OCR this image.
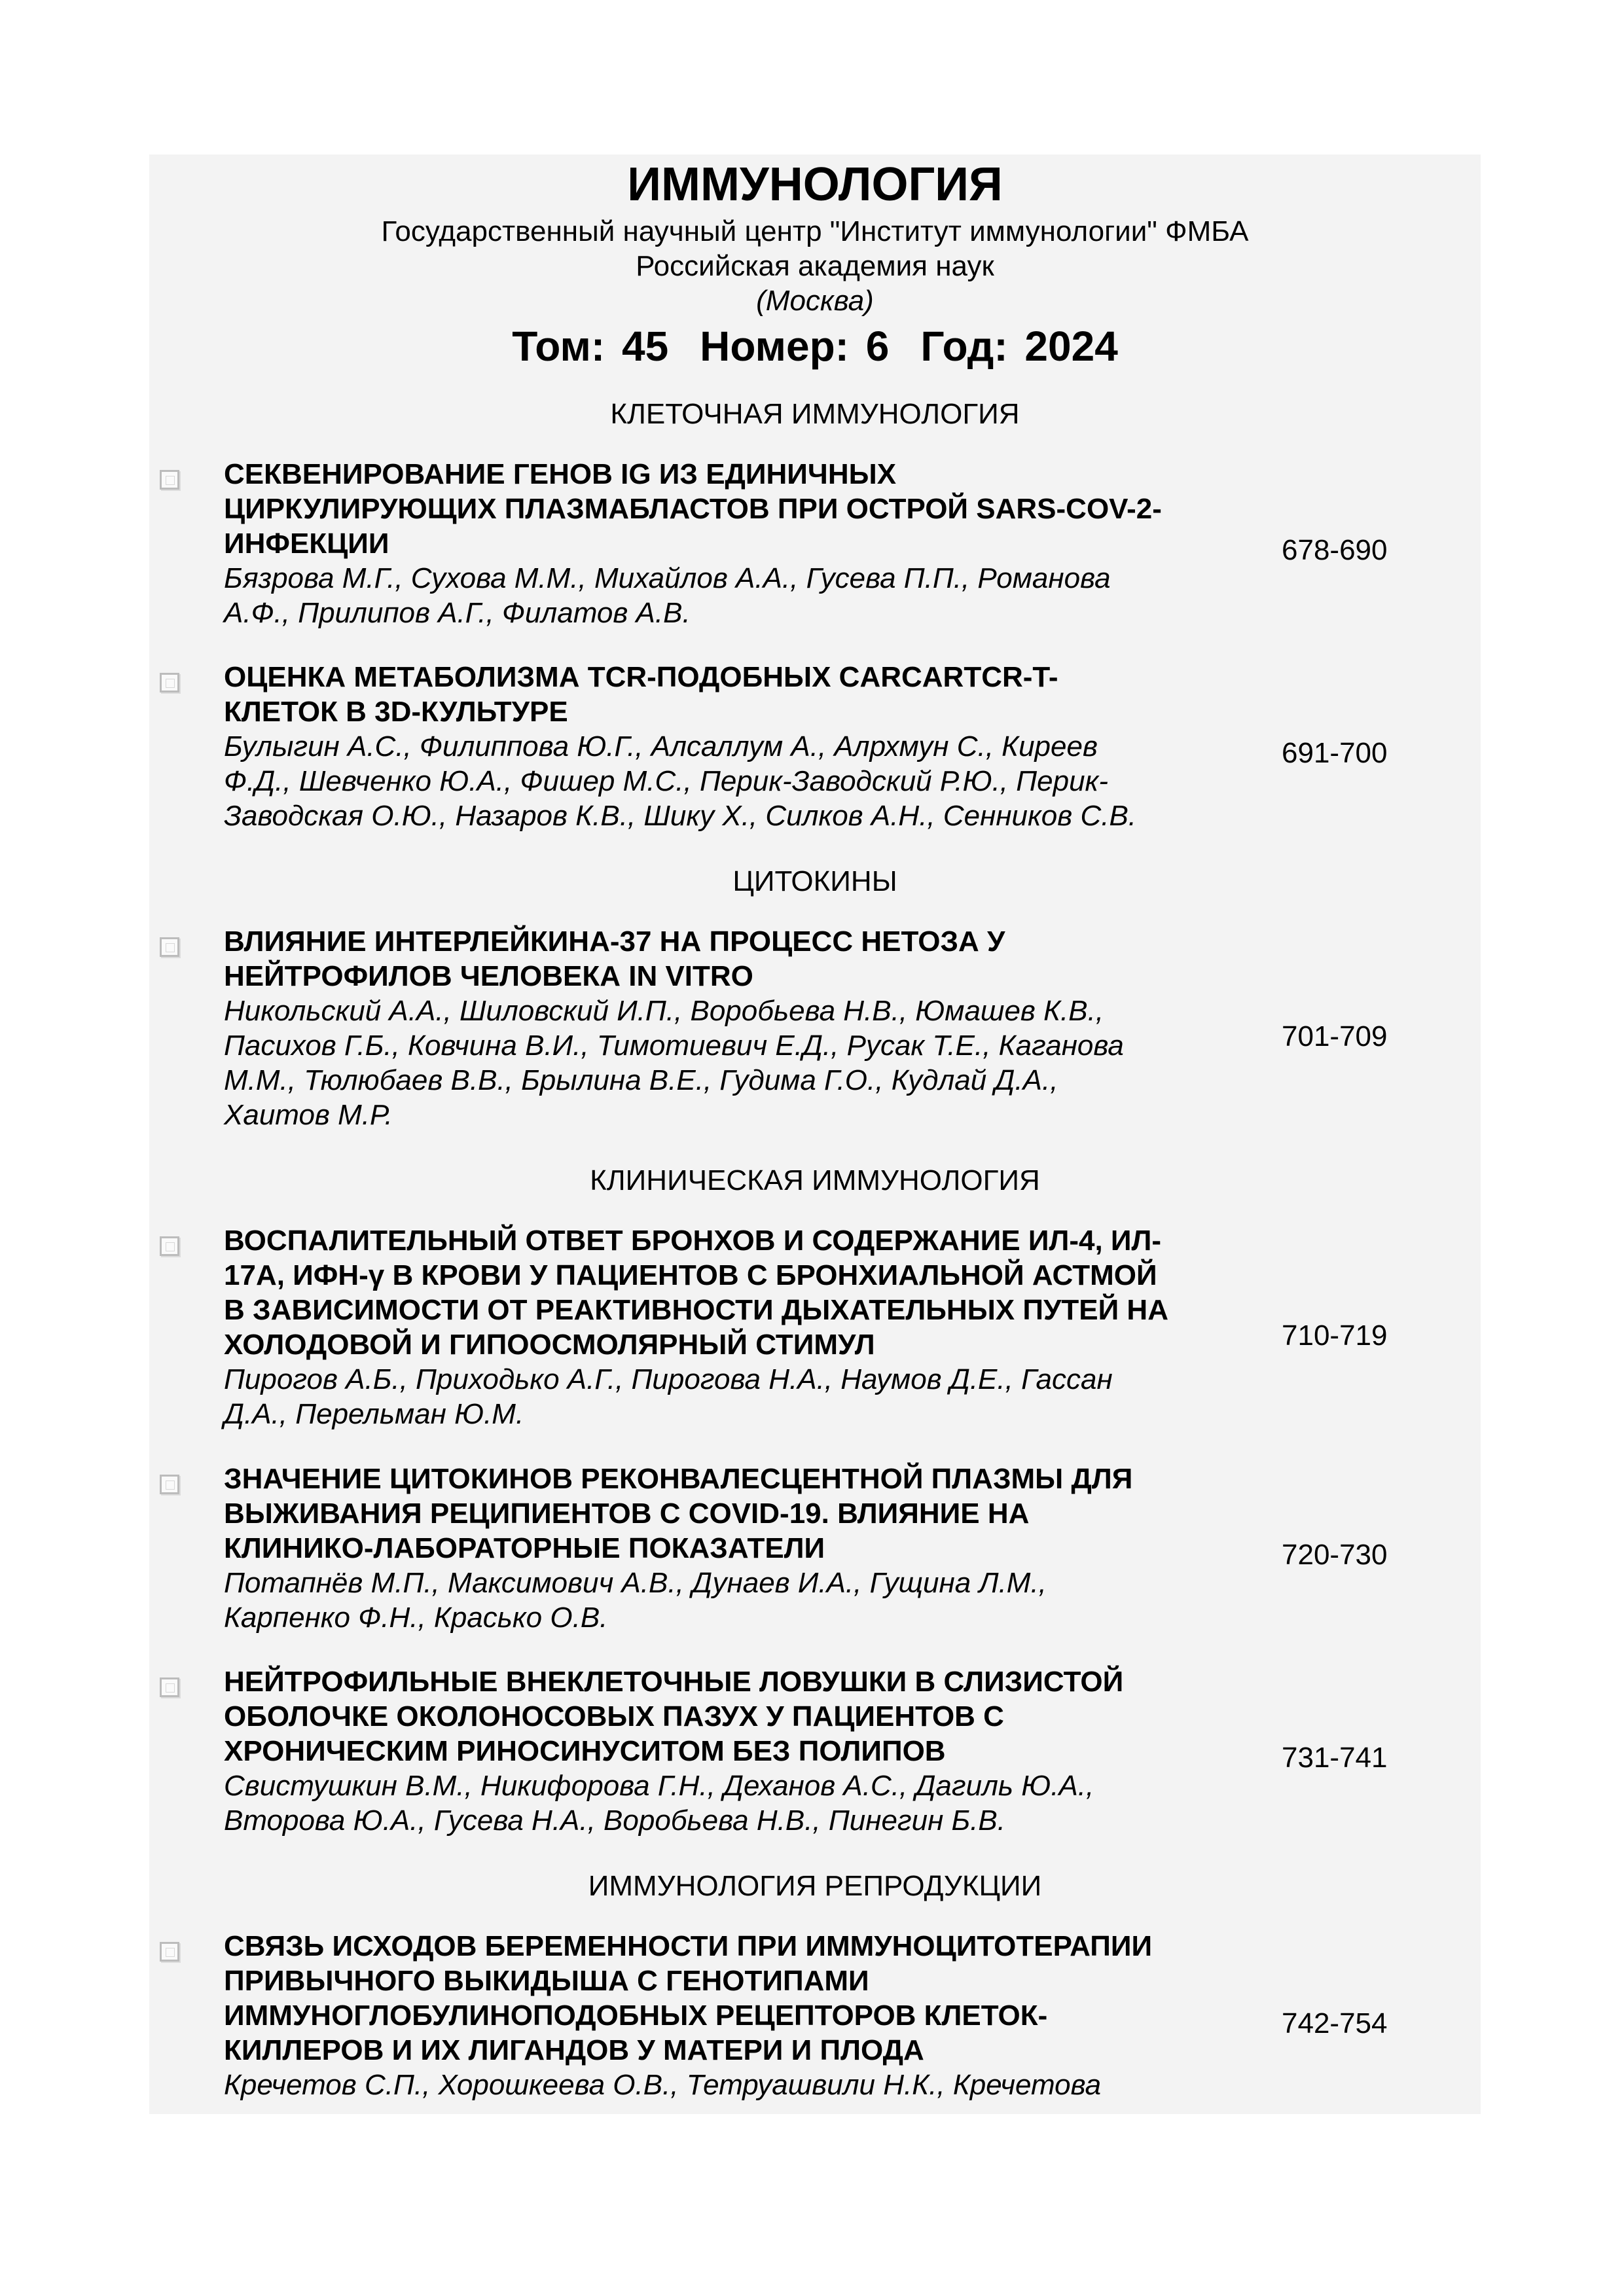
ИММУНОЛОГИЯ
Государственный научный центр "Институт иммунологии" ФМБА
Российская академия наук
(Москва)
Том: 45 Номер: 6 Год: 2024
КЛЕТОЧНАЯ ИММУНОЛОГИЯ
СЕКВЕНИРОВАНИЕ ГЕНОВ IG ИЗ ЕДИНИЧНЫХ
ЦИРКУЛИРУЮЩИХ ПЛАЗМАБЛАСТОВ ПРИ ОСТРОЙ SARS-COV-2-
ИНФЕКЦИИ
Бязрова М.Г., Сухова М.М., Михайлов А.А., Гусева П.П., Романова
А.Ф., Прилипов А.Г., Филатов А.В.
678-690
ОЦЕНКА МЕТАБОЛИЗМА TCR-ПОДОБНЫХ CARCARTCR-T-
КЛЕТОК В 3D-КУЛЬТУРЕ
Булыгин А.С., Филиппова Ю.Г., Алсаллум А., Алрхмун С., Киреев
Ф.Д., Шевченко Ю.А., Фишер М.С., Перик-Заводский Р.Ю., Перик-
Заводская О.Ю., Назаров К.В., Шику Х., Силков А.Н., Сенников С.В.
691-700
ЦИТОКИНЫ
ВЛИЯНИЕ ИНТЕРЛЕЙКИНА-37 НА ПРОЦЕСС НЕТОЗА У
НЕЙТРОФИЛОВ ЧЕЛОВЕКА IN VITRO
Никольский А.А., Шиловский И.П., Воробьева Н.В., Юмашев К.В.,
Пасихов Г.Б., Ковчина В.И., Тимотиевич Е.Д., Русак Т.Е., Каганова
М.М., Тюлюбаев В.В., Брылина В.Е., Гудима Г.О., Кудлай Д.А.,
Хаитов М.Р.
701-709
КЛИНИЧЕСКАЯ ИММУНОЛОГИЯ
ВОСПАЛИТЕЛЬНЫЙ ОТВЕТ БРОНХОВ И СОДЕРЖАНИЕ ИЛ-4, ИЛ-
17А, ИФН-γ В КРОВИ У ПАЦИЕНТОВ С БРОНХИАЛЬНОЙ АСТМОЙ
В ЗАВИСИМОСТИ ОТ РЕАКТИВНОСТИ ДЫХАТЕЛЬНЫХ ПУТЕЙ НА
ХОЛОДОВОЙ И ГИПООСМОЛЯРНЫЙ СТИМУЛ
Пирогов А.Б., Приходько А.Г., Пирогова Н.А., Наумов Д.Е., Гассан
Д.А., Перельман Ю.М.
710-719
ЗНАЧЕНИЕ ЦИТОКИНОВ РЕКОНВАЛЕСЦЕНТНОЙ ПЛАЗМЫ ДЛЯ
ВЫЖИВАНИЯ РЕЦИПИЕНТОВ С COVID-19. ВЛИЯНИЕ НА
КЛИНИКО-ЛАБОРАТОРНЫЕ ПОКАЗАТЕЛИ
Потапнёв М.П., Максимович А.В., Дунаев И.А., Гущина Л.М.,
Карпенко Ф.Н., Красько О.В.
720-730
НЕЙТРОФИЛЬНЫЕ ВНЕКЛЕТОЧНЫЕ ЛОВУШКИ В СЛИЗИСТОЙ
ОБОЛОЧКЕ ОКОЛОНОСОВЫХ ПАЗУХ У ПАЦИЕНТОВ С
ХРОНИЧЕСКИМ РИНОСИНУСИТОМ БЕЗ ПОЛИПОВ
Свистушкин В.М., Никифорова Г.Н., Деханов А.С., Дагиль Ю.А.,
Второва Ю.А., Гусева Н.А., Воробьева Н.В., Пинегин Б.В.
731-741
ИММУНОЛОГИЯ РЕПРОДУКЦИИ
СВЯЗЬ ИСХОДОВ БЕРЕМЕННОСТИ ПРИ ИММУНОЦИТОТЕРАПИИ
ПРИВЫЧНОГО ВЫКИДЫША С ГЕНОТИПАМИ
ИММУНОГЛОБУЛИНОПОДОБНЫХ РЕЦЕПТОРОВ КЛЕТОК-
КИЛЛЕРОВ И ИХ ЛИГАНДОВ У МАТЕРИ И ПЛОДА
Кречетов С.П., Хорошкеева О.В., Тетруашвили Н.К., Кречетова
742-754
